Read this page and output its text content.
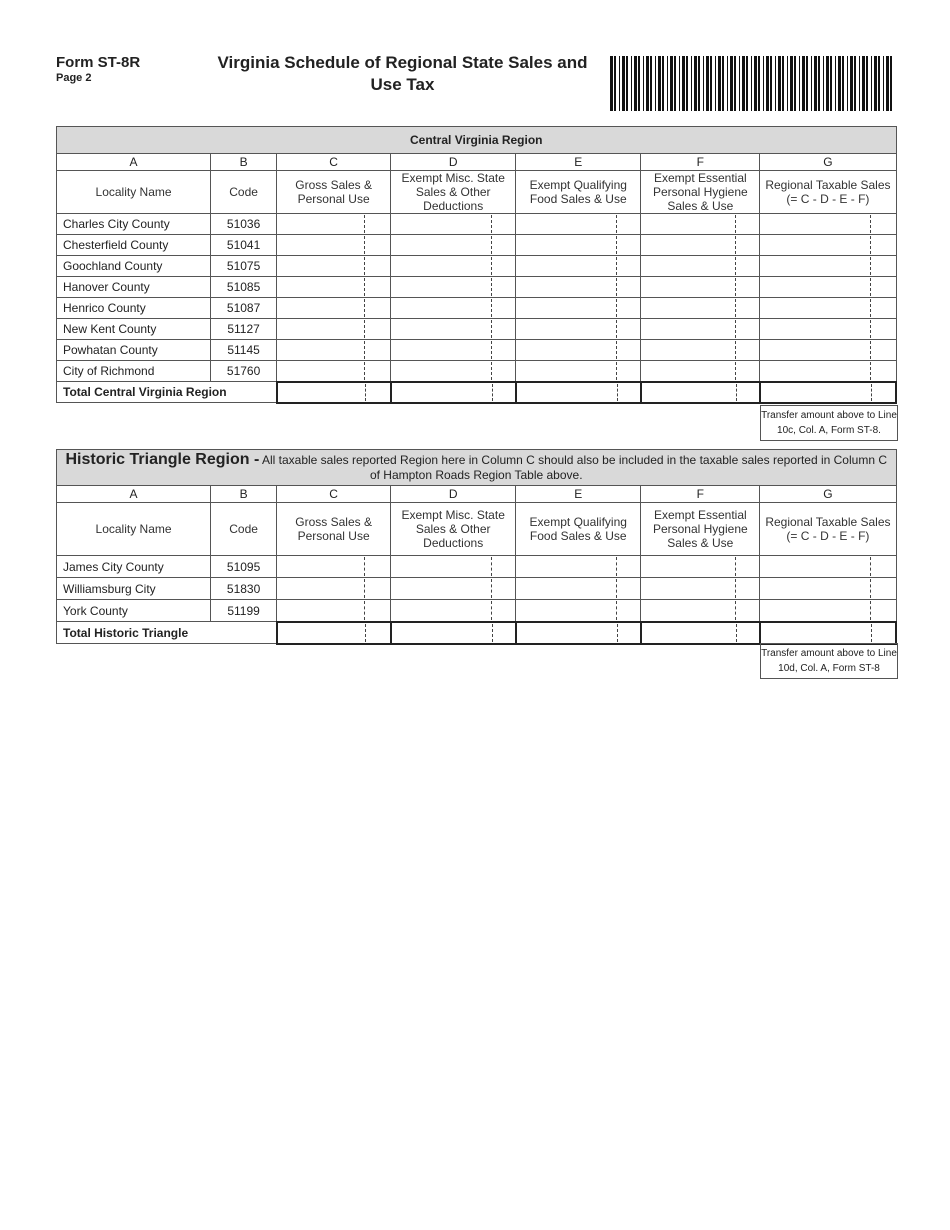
Form ST-8R
Page 2
Virginia Schedule of Regional State Sales and Use Tax
Central Virginia Region						
A	B	C	D	E	F	G
Locality Name	Code	Gross Sales & Personal Use	Exempt Misc. State Sales & Other Deductions	Exempt Qualifying Food Sales & Use	Exempt Essential Personal Hygiene Sales & Use	Regional Taxable Sales (= C - D - E - F)
Charles City County	51036	

Chesterfield County	51041	

Goochland County	51075	

Hanover County	51085	

Henrico County	51087	

New Kent County	51127	

Powhatan County	51145	

City of Richmond	51760	

Total Central Virginia Region		

Transfer amount above to Line 10c, Col. A, Form ST-8.
Historic Triangle Region - All taxable sales reported Region here in Column C should also be included in the taxable sales reported in Column C of Hampton Roads Region Table above.						
A	B	C	D	E	F	G
Locality Name	Code	Gross Sales & Personal Use	Exempt Misc. State Sales & Other Deductions	Exempt Qualifying Food Sales & Use	Exempt Essential Personal Hygiene Sales & Use	Regional Taxable Sales (= C - D - E - F)
James City County	51095	

Williamsburg City	51830	

York County	51199	

Total Historic Triangle		

Transfer amount above to Line 10d, Col. A, Form ST-8
